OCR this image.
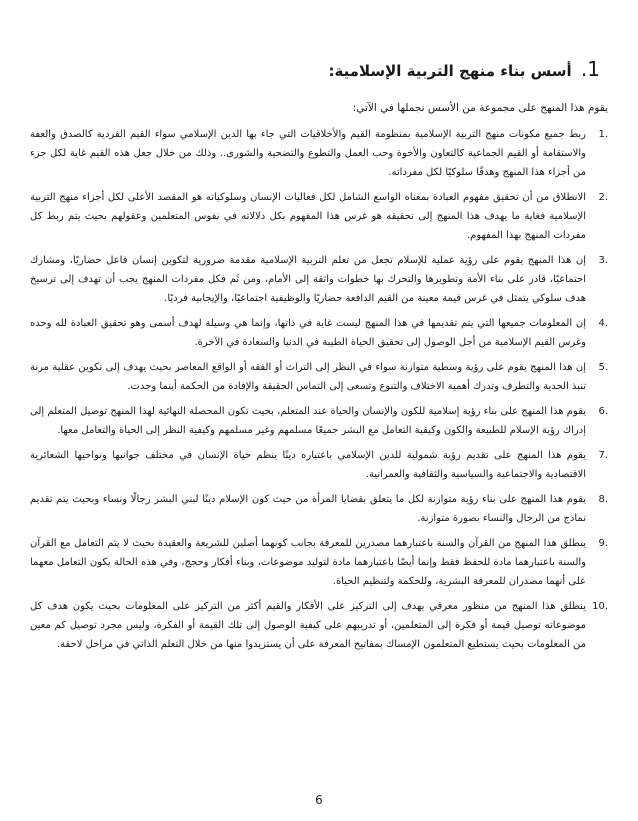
1. أسس بناء منهج التربية الإسلامية:

يقوم هذا المنهج على مجموعة من الأسس نجملها في الآتي:

1.
ربط جميع مكونات منهج التربية الإسلامية بمنظومة القيم والأخلاقيات التي جاء بها الدين الإسلامي سواء القيم الفردية كالصدق والعفة والاستقامة أو القيم الجماعية كالتعاون والأخوة وحب العمل والتطوع والتضحية والشورى.. وذلك من خلال جعل هذه القيم غاية لكل جزء من أجزاء هذا المنهج وهدفًا سلوكيًا لكل مفرداته.
2.
الانطلاق من أن تحقيق مفهوم العبادة بمعناه الواسع الشامل لكل فعاليات الإنسان وسلوكياته هو المقصد الأعلى لكل أجزاء منهج التربية الإسلامية فغاية ما يهدف هذا المنهج إلى تحقيقه هو غرس هذا المفهوم بكل دلالاته في نفوس المتعلمين وعقولهم بحيث يتم ربط كل مفردات المنهج بهذا المفهوم.
3.
إن هذا المنهج يقوم على رؤية عملية للإسلام تجعل من تعلم التربية الإسلامية مقدمة ضرورية لتكوين إنسان فاعل حضاريًا، ومشارك اجتماعيًا، قادر على بناء الأمة وتطويرها والتحرك بها خطوات واثقة إلى الأمام، ومن ثَم فكل مفردات المنهج يجب أن تهدف إلى ترسيخ هدف سلوكي يتمثل في غرس قيمة معينة من القيم الدافعة حضاريًا والوظيفية اجتماعيًا، والإيجابية فرديًا.
4.
إن المعلومات جميعها التي يتم تقديمها في هذا المنهج ليست غاية في ذاتها، وإنما هي وسيلة لهدف أسمى وهو تحقيق العبادة لله وحده وغرس القيم الإسلامية من أجل الوصول إلى تحقيق الحياة الطيبة في الدنيا والسعادة في الآخرة.
5.
إن هذا المنهج يقوم على رؤية وسطية متوازنة سواء في النظر إلى التراث أو الفقه أو الواقع المعاصر بحيث يهدف إلى تكوين عقلية مرنة تنبذ الحدية والتطرف وتدرك أهمية الاختلاف والتنوع وتسعى إلى التماس الحقيقة والإفادة من الحكمة أينما وجدت.
6.
يقوم هذا المنهج على بناء رؤية إسلامية للكون والإنسان والحياة عند المتعلم، بحيث تكون المحصلة النهائية لهذا المنهج توصيل المتعلم إلى إدراك رؤية الإسلام للطبيعة والكون وكيفية التعامل مع البشر جميعًا مسلمهم وغير مسلمهم وكيفية النظر إلى الحياة والتعامل معها.
7.
يقوم هذا المنهج على تقديم رؤية شمولية للدين الإسلامي باعتباره دينًا ينظم حياة الإنسان في مختلف جوانبها ونواحيها الشعائرية الاقتصادية والاجتماعية والسياسية والثقافية والعمرانية.
8.
يقوم هذا المنهج على بناء رؤية متوازنة لكل ما يتعلق بقضايا المرأة من حيث كون الإسلام دينًا لبني البشر رجالًا ونساء وبحيث يتم تقديم نماذج من الرجال والنساء بصورة متوازنة.
9.
ينطلق هذا المنهج من القرآن والسنة باعتبارهما مصدرين للمعرفة بجانب كونهما أصلين للشريعة والعقيدة بحيث لا يتم التعامل مع القرآن والسنة باعتبارهما مادة للحفظ فقط وإنما أيضًا باعتبارهما مادة لتوليد موضوعات، وبناء أفكار وحجج، وفي هذه الحالة يكون التعامل معهما على أنهما مصدران للمعرفة البشرية، وللحكمة ولتنظيم الحياة.
10.
ينطلق هذا المنهج من منظور معرفي يهدف إلى التركيز على الأفكار والقيم أكثر من التركيز على المعلومات بحيث يكون هدف كل موضوعاته توصيل قيمة أو فكرة إلى المتعلمين، أو تدريبهم على كيفية الوصول إلى تلك القيمة أو الفكرة، وليس مجرد توصيل كم معين من المعلومات بحيث يستطيع المتعلمون الإمساك بمفاتيح المعرفة على أن يستزيدوا منها من خلال التعلم الذاتي في مراحل لاحقة.
6
